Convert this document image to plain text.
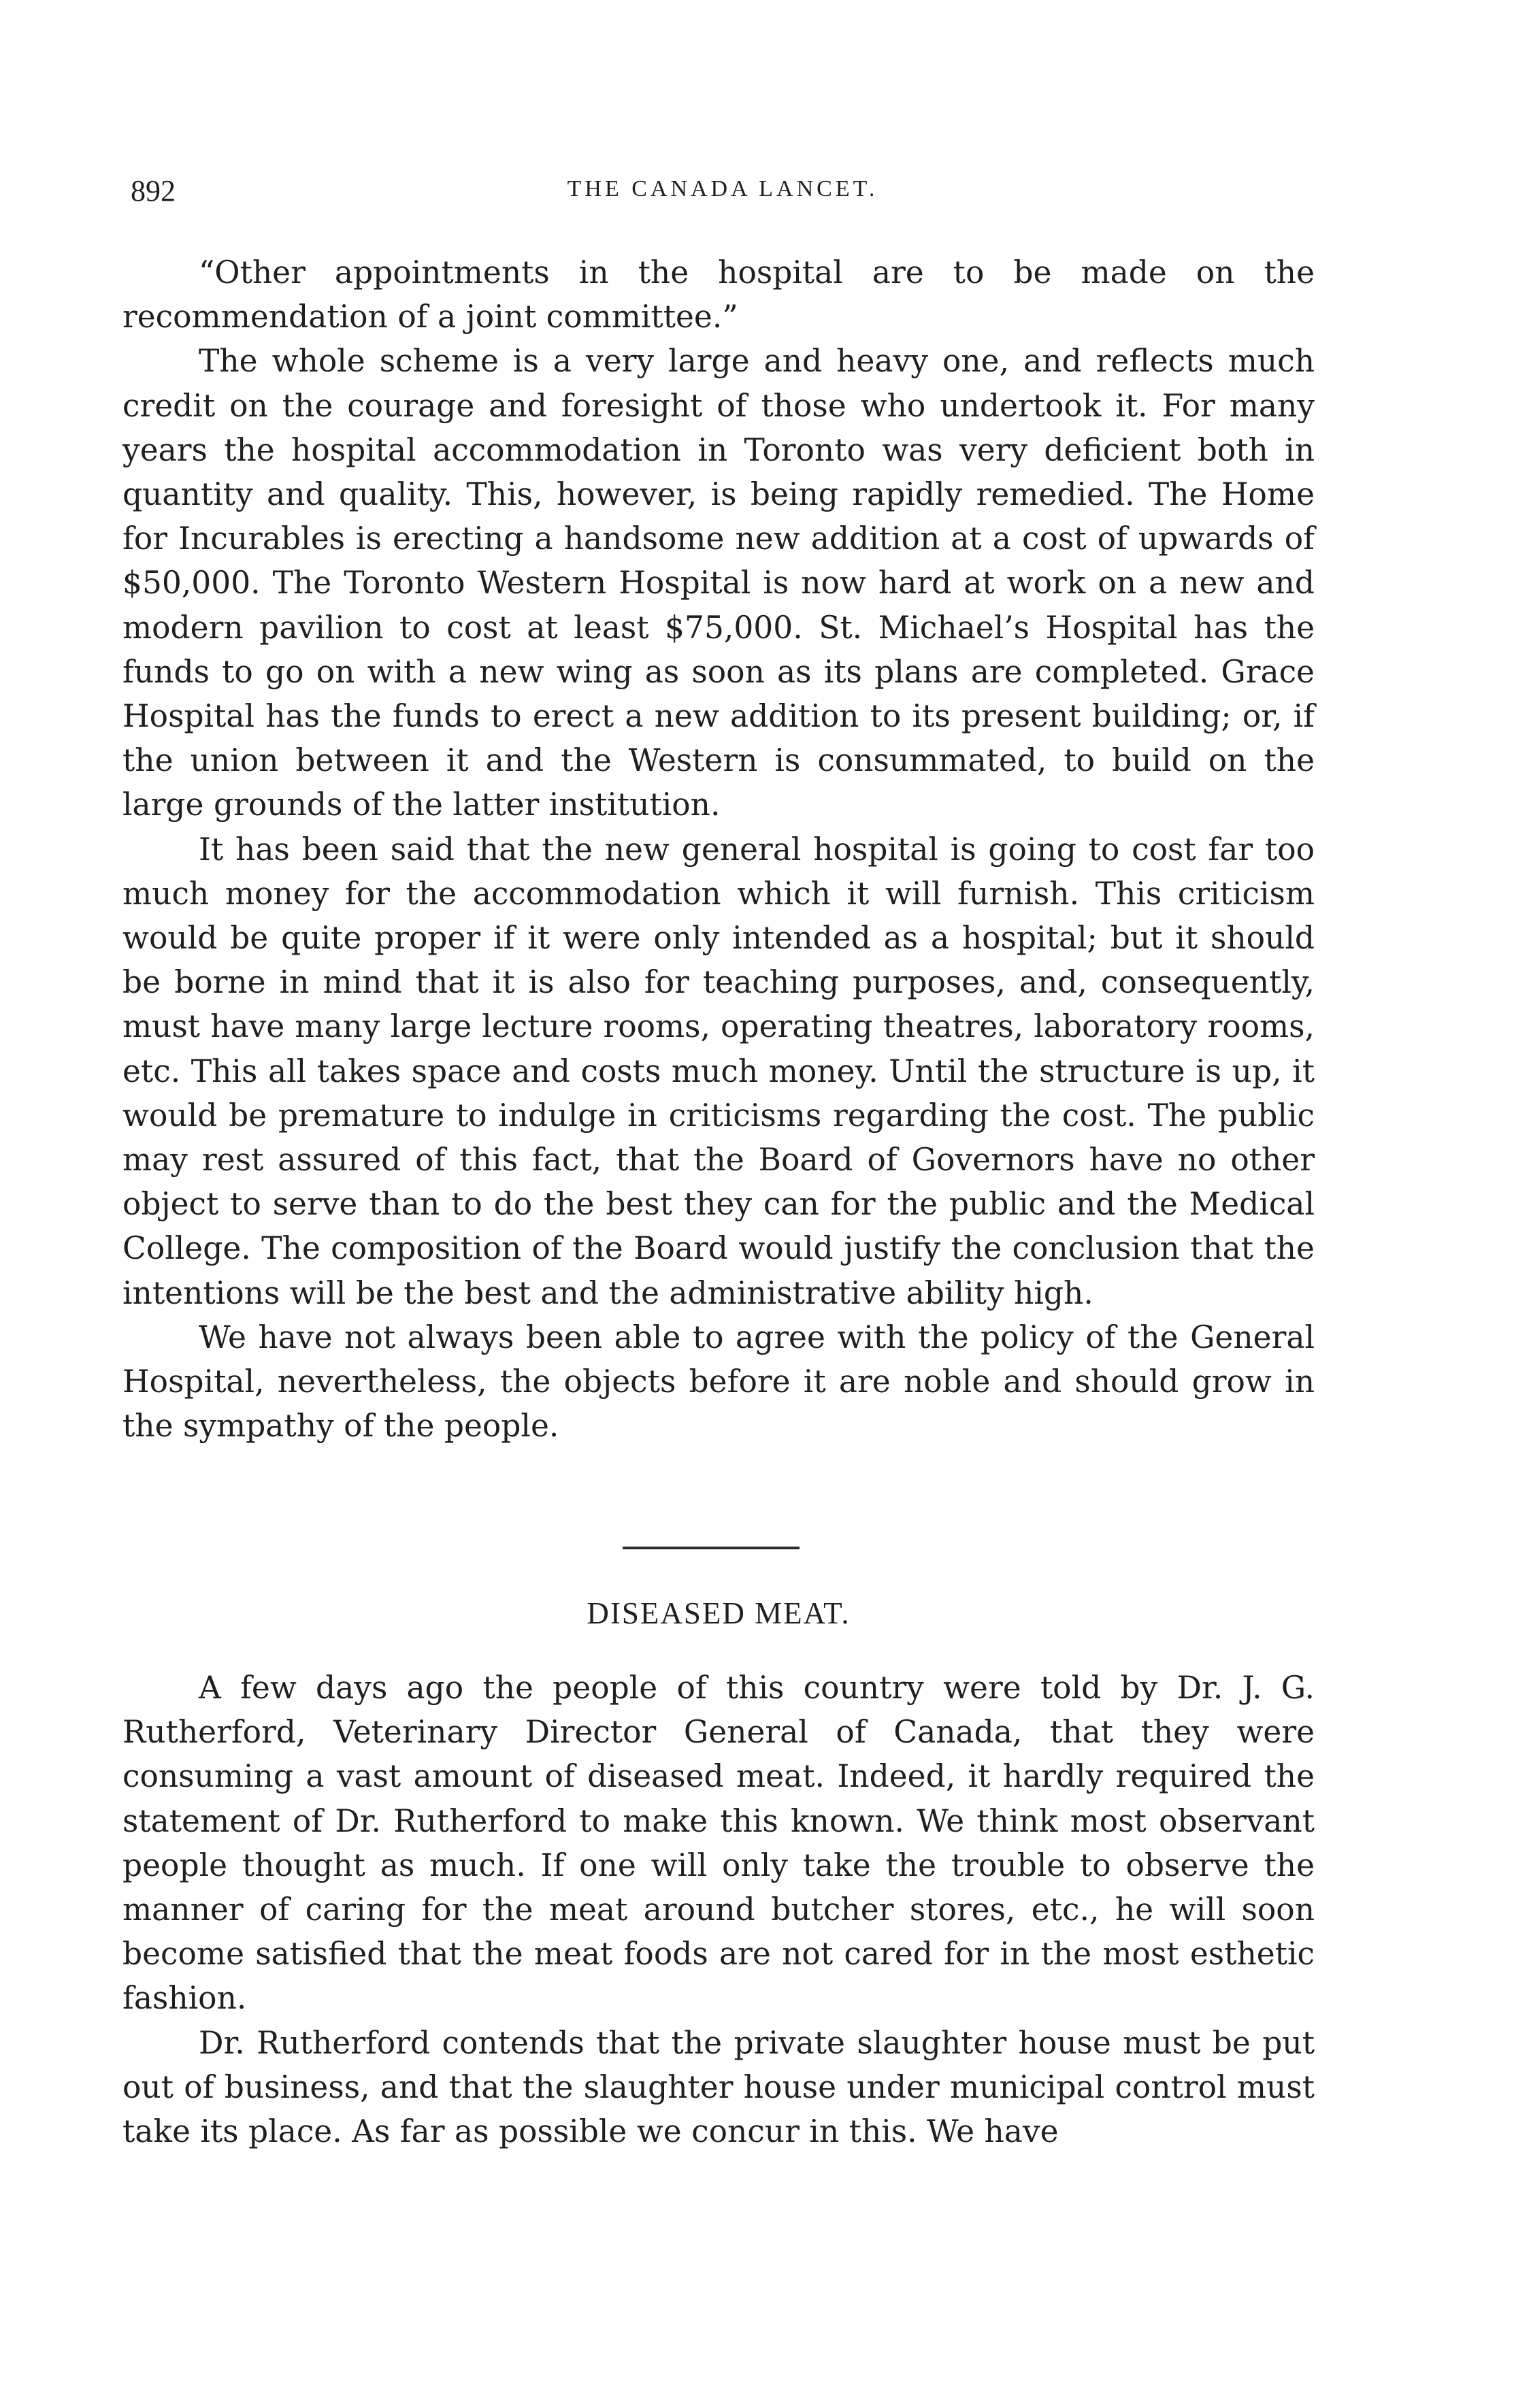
892	THE CANADA LANCET.

“Other appointments in the hospital are to be made on the recommendation of a joint committee.”

The whole scheme is a very large and heavy one, and reflects much credit on the courage and foresight of those who undertook it. For many years the hospital accommodation in Toronto was very deficient both in quantity and quality. This, however, is being rapidly remedied. The Home for Incurables is erecting a handsome new addition at a cost of upwards of $50,000. The Toronto Western Hospital is now hard at work on a new and modern pavilion to cost at least $75,000. St. Michael’s Hospital has the funds to go on with a new wing as soon as its plans are completed. Grace Hospital has the funds to erect a new addition to its present building; or, if the union between it and the Western is consummated, to build on the large grounds of the latter institution.

It has been said that the new general hospital is going to cost far too much money for the accommodation which it will furnish. This criticism would be quite proper if it were only intended as a hospital; but it should be borne in mind that it is also for teaching purposes, and, consequently, must have many large lecture rooms, operating theatres, laboratory rooms, etc. This all takes space and costs much money. Until the structure is up, it would be premature to indulge in criticisms regarding the cost. The public may rest assured of this fact, that the Board of Governors have no other object to serve than to do the best they can for the public and the Medical College. The composition of the Board would justify the conclusion that the intentions will be the best and the administrative ability high.

We have not always been able to agree with the policy of the General Hospital, nevertheless, the objects before it are noble and should grow in the sympathy of the people.

DISEASED MEAT.

A few days ago the people of this country were told by Dr. J. G. Rutherford, Veterinary Director General of Canada, that they were consuming a vast amount of diseased meat. Indeed, it hardly required the statement of Dr. Rutherford to make this known. We think most observant people thought as much. If one will only take the trouble to observe the manner of caring for the meat around butcher stores, etc., he will soon become satisfied that the meat foods are not cared for in the most esthetic fashion.

Dr. Rutherford contends that the private slaughter house must be put out of business, and that the slaughter house under municipal control must take its place. As far as possible we concur in this. We have
